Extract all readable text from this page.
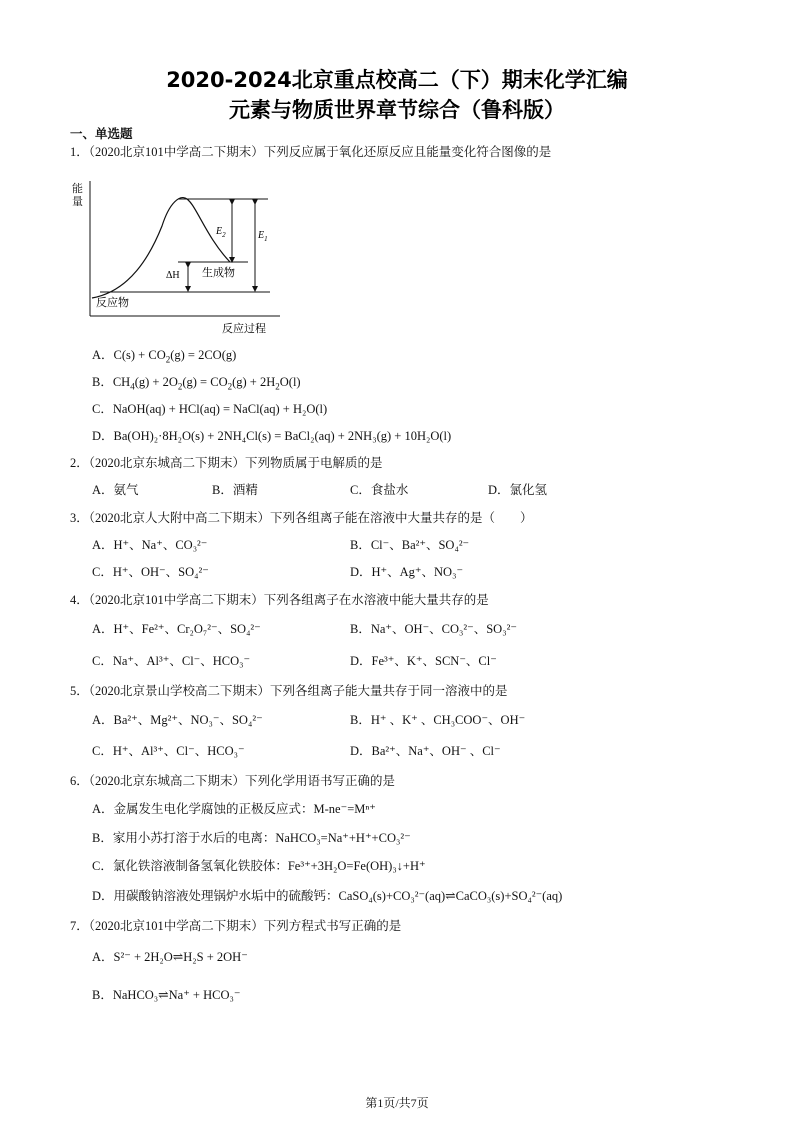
2020-2024北京重点校高二（下）期末化学汇编
元素与物质世界章节综合（鲁科版）
一、单选题
1．（2020北京101中学高二下期末）下列反应属于氧化还原反应且能量变化符合图像的是
$E_2$	$E_1$
ΔH 生成物
反应物
反应过程
能量
A．$C(s) + CO_2(g) = 2CO(g)$
B．$CH_4(g) + 2O_2(g) = CO_2(g) + 2H_2O(l)$
C．NaOH(aq) + HCl(aq) = NaCl(aq) + H₂O(l)
D．Ba(OH)₂·8H₂O(s) + 2NH₄Cl(s) = BaCl₂(aq) + 2NH₃(g) + 10H₂O(l)
2．（2020北京东城高二下期末）下列物质属于电解质的是
A．氨气	B．酒精	C．食盐水	D．氯化氢
3．（2020北京人大附中高二下期末）下列各组离子能在溶液中大量共存的是（　　）
A．H⁺、Na⁺、CO₃²⁻	B．Cl⁻、Ba²⁺、SO₄²⁻
C．H⁺、OH⁻、SO₄²⁻	D．H⁺、Ag⁺、NO₃⁻
4．（2020北京101中学高二下期末）下列各组离子在水溶液中能大量共存的是
A．H⁺、Fe²⁺、Cr₂O₇²⁻、SO₄²⁻	B．Na⁺、OH⁻、CO₃²⁻、SO₃²⁻
C．Na⁺、Al³⁺、Cl⁻、HCO₃⁻	D．Fe³⁺、K⁺、SCN⁻、Cl⁻
5．（2020北京景山学校高二下期末）下列各组离子能大量共存于同一溶液中的是
A．Ba²⁺、Mg²⁺、NO₃⁻、SO₄²⁻	B．H⁺ 、K⁺ 、CH₃COO⁻、OH⁻
C．H⁺、Al³⁺、Cl⁻、HCO₃⁻	D．Ba²⁺、Na⁺、OH⁻ 、Cl⁻
6．（2020北京东城高二下期末）下列化学用语书写正确的是
A．金属发生电化学腐蚀的正极反应式：M-ne⁻=Mⁿ⁺
B．家用小苏打溶于水后的电离：NaHCO₃=Na⁺+H⁺+CO₃²⁻
C．氯化铁溶液制备氢氧化铁胶体：Fe³⁺+3H₂O=Fe(OH)₃↓+H⁺
D．用碳酸钠溶液处理锅炉水垢中的硫酸钙：CaSO₄(s)+CO₃²⁻(aq)⇌CaCO₃(s)+SO₄²⁻(aq)
7．（2020北京101中学高二下期末）下列方程式书写正确的是
A．S²⁻ + 2H₂O⇌H₂S + 2OH⁻
B．NaHCO₃⇌Na⁺ + HCO₃⁻
第1页/共7页
